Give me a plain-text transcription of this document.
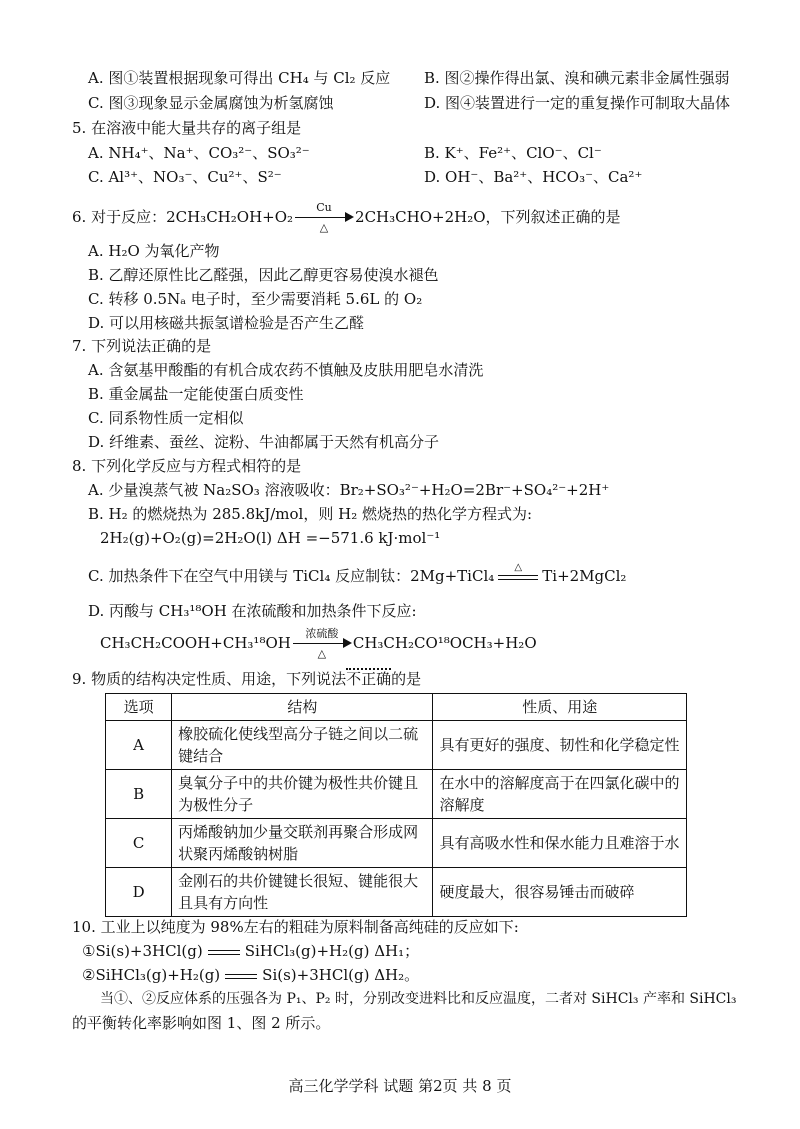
A. 图①装置根据现象可得出 CH₄ 与 Cl₂ 反应 B. 图②操作得出氯、溴和碘元素非金属性强弱
C. 图③现象显示金属腐蚀为析氢腐蚀	D. 图④装置进行一定的重复操作可制取大晶体
5. 在溶液中能大量共存的离子组是
A. NH₄⁺、Na⁺、CO₃²⁻、SO₃²⁻	B. K⁺、Fe²⁺、ClO⁻、Cl⁻
C. Al³⁺、NO₃⁻、Cu²⁺、S²⁻	D. OH⁻、Ba²⁺、HCO₃⁻、Ca²⁺
6. 对于反应：2CH₃CH₂OH+O₂
Cu
△
2CH₃CHO+2H₂O，下列叙述正确的是
A. H₂O 为氧化产物
B. 乙醇还原性比乙醛强，因此乙醇更容易使溴水褪色
C. 转移 0.5Nₐ 电子时，至少需要消耗 5.6L 的 O₂
D. 可以用核磁共振氢谱检验是否产生乙醛
7. 下列说法正确的是
A. 含氨基甲酸酯的有机合成农药不慎触及皮肤用肥皂水清洗
B. 重金属盐一定能使蛋白质变性
C. 同系物性质一定相似
D. 纤维素、蚕丝、淀粉、牛油都属于天然有机高分子
8. 下列化学反应与方程式相符的是
A. 少量溴蒸气被 Na₂SO₃ 溶液吸收：Br₂+SO₃²⁻+H₂O=2Br⁻+SO₄²⁻+2H⁺
B. H₂ 的燃烧热为 285.8kJ/mol，则 H₂ 燃烧热的热化学方程式为:
2H₂(g)+O₂(g)=2H₂O(l) ΔH =−571.6 kJ·mol⁻¹
C. 加热条件下在空气中用镁与 TiCl₄ 反应制钛：2Mg+TiCl₄	△	Ti+2MgCl₂
D. 丙酸与 CH₃¹⁸OH 在浓硫酸和加热条件下反应:
CH₃CH₂COOH+CH₃¹⁸OH
浓硫酸
△
CH₃CH₂CO¹⁸OCH₃+H₂O
9. 物质的结构决定性质、用途，下列说法不正确的是
选项	结构	性质、用途
A	橡胶硫化使线型高分子链之间以二硫键结合	具有更好的强度、韧性和化学稳定性
B	臭氧分子中的共价键为极性共价键且为极性分子	在水中的溶解度高于在四氯化碳中的溶解度
C	丙烯酸钠加少量交联剂再聚合形成网状聚丙烯酸钠树脂	具有高吸水性和保水能力且难溶于水
D	金刚石的共价键键长很短、键能很大且具有方向性	硬度最大，很容易锤击而破碎
10. 工业上以纯度为 98%左右的粗硅为原料制备高纯硅的反应如下:
①Si(s)+3HCl(g)	SiHCl₃(g)+H₂(g) ΔH₁；
②SiHCl₃(g)+H₂(g)	Si(s)+3HCl(g) ΔH₂。
当①、②反应体系的压强各为 P₁、P₂ 时，分别改变进料比和反应温度，二者对 SiHCl₃ 产率和 SiHCl₃
的平衡转化率影响如图 1、图 2 所示。
高三化学学科 试题 第2页 共 8 页
